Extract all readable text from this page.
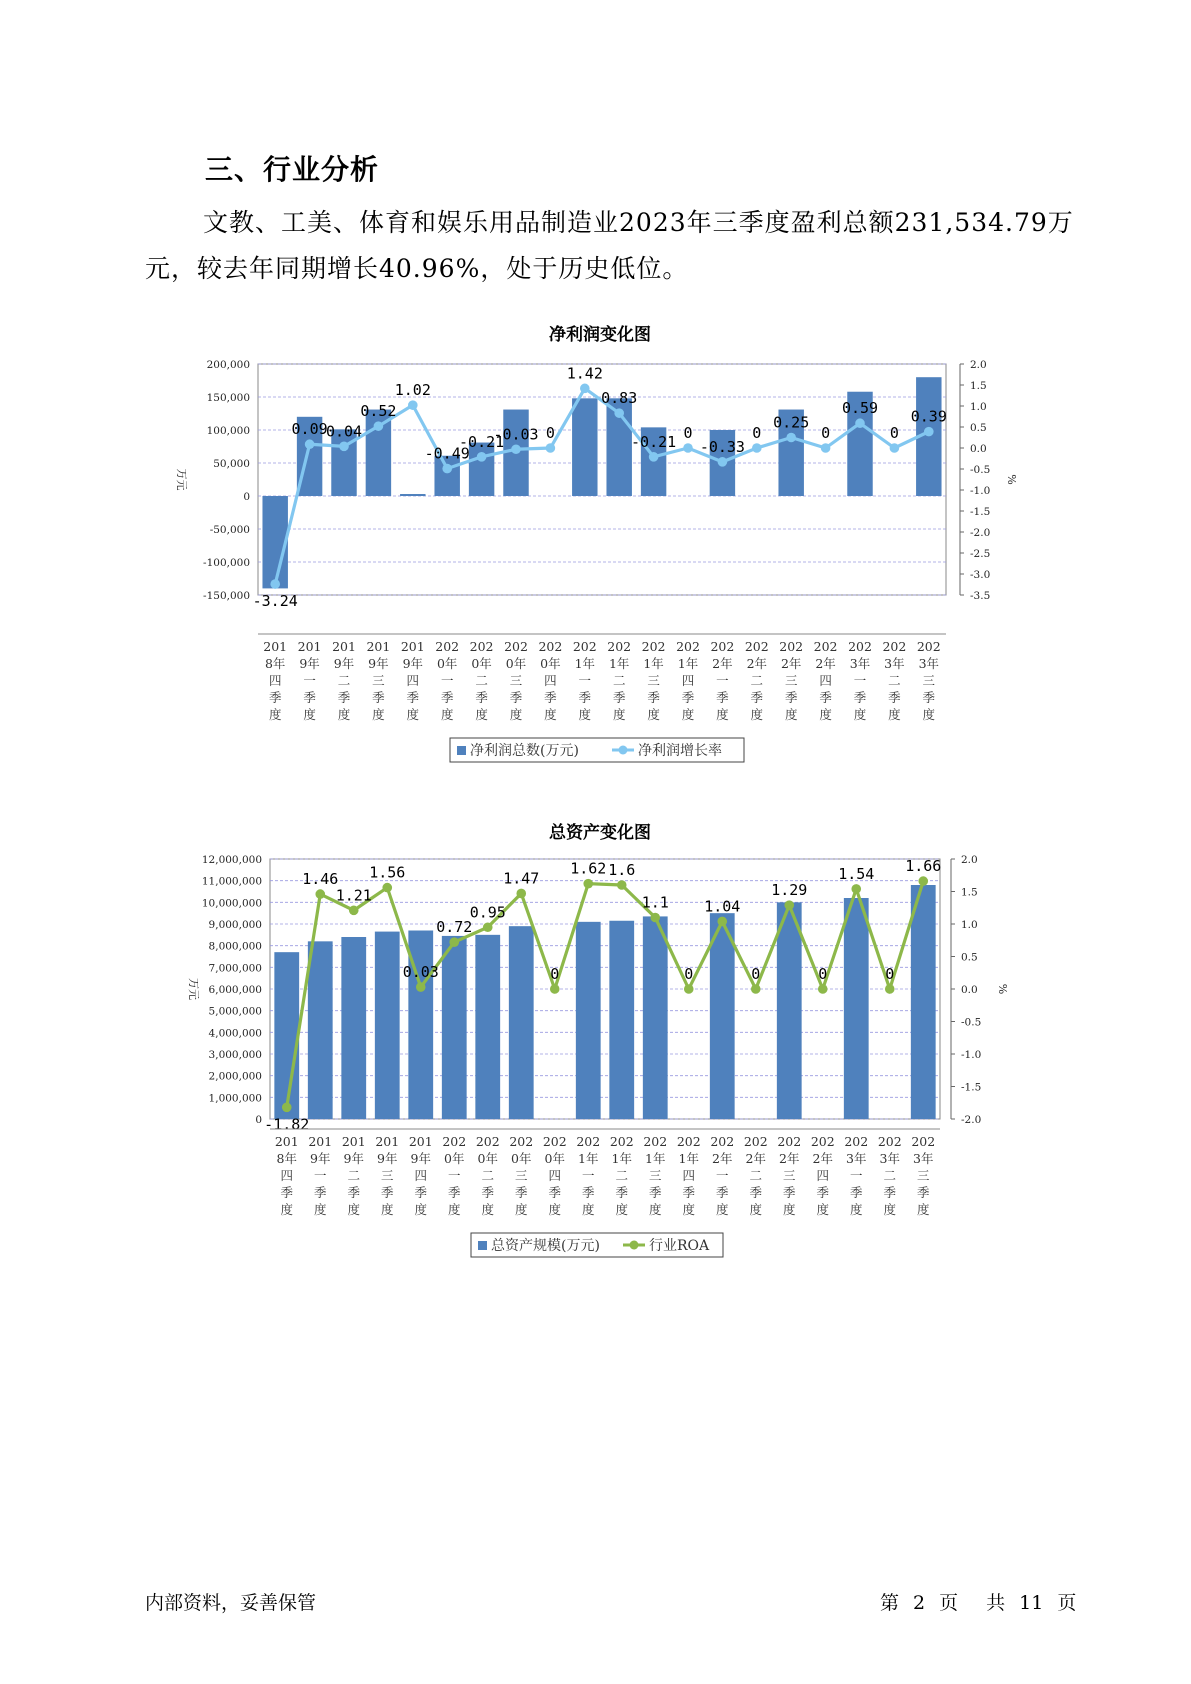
三、行业分析
文教、工美、体育和娱乐用品制造业2023年三季度盈利总额231,534.79万元，较去年同期增长40.96%，处于历史低位。
净利润变化图
200,000
150,000
100,000
50,000
0
-50,000
-100,000
-150,000
2.0
1.5
1.0
0.5
0.0
-0.5
-1.0
-1.5
-2.0
-2.5
-3.0
-3.5
万元	%
-3.24
0.09
0.04
0.52
1.02
-0.49
-0.21
-0.03 0
1.42
0.83
-0.21 0
-0.33
0
0.25
0
0.59
0
0.39
201
8年
四
季
度
201
9年
一
季
度
201
9年
二
季
度
201
9年
三
季
度
201
9年
四
季
度
202
0年
一
季
度
202
0年
二
季
度
202
0年
三
季
度
202
0年
四
季
度
202
1年
一
季
度
202
1年
二
季
度
202
1年
三
季
度
202
1年
四
季
度
202
2年
一
季
度
202
2年
二
季
度
202
2年
三
季
度
202
2年
四
季
度
202
3年
一
季
度
202
3年
二
季
度
202
3年
三
季
度
净利润总数(万元)	净利润增长率
总资产变化图
12,000,000
11,000,000
10,000,000
9,000,000
8,000,000
7,000,000
6,000,000
5,000,000
4,000,000
3,000,000
2,000,000
1,000,000
0
2.0
1.5
1.0
0.5
0.0
-0.5
-1.0
-1.5
-2.0
万元	%
-1.82
1.46
1.21
1.56
0.03
0.72
0.95
1.47
0
1.62 1.6
1.1
0
1.04
0
1.29
0
1.54
0
1.66
201
8年
四
季
度
201
9年
一
季
度
201
9年
二
季
度
201
9年
三
季
度
201
9年
四
季
度
202
0年
一
季
度
202
0年
二
季
度
202
0年
三
季
度
202
0年
四
季
度
202
1年
一
季
度
202
1年
二
季
度
202
1年
三
季
度
202
1年
四
季
度
202
2年
一
季
度
202
2年
二
季
度
202
2年
三
季
度
202
2年
四
季
度
202
3年
一
季
度
202
3年
二
季
度
202
3年
三
季
度
总资产规模(万元)	行业ROA
内部资料，妥善保管	第 2 页 共 11 页
